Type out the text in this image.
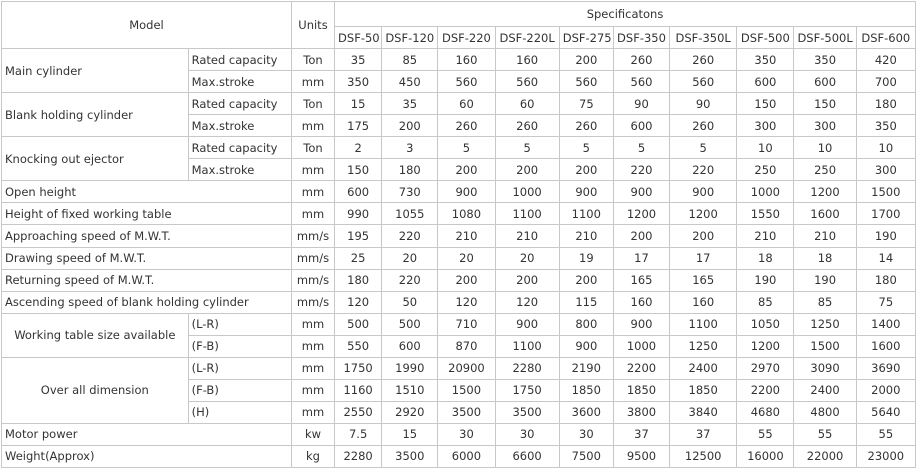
Model		Units	Specificatons									
			DSF-50	DSF-120	DSF-220	DSF-220L	DSF-275	DSF-350	DSF-350L	DSF-500	DSF-500L	DSF-600
Main cylinder	Rated capacity	Ton	35	85	160	160	200	260	260	350	350	420
	Max.stroke	mm	350	450	560	560	560	560	560	600	600	700
Blank holding cylinder	Rated capacity	Ton	15	35	60	60	75	90	90	150	150	180
	Max.stroke	mm	175	200	260	260	260	600	260	300	300	350
Knocking out ejector	Rated capacity	Ton	2	3	5	5	5	5	5	10	10	10
	Max.stroke	mm	150	180	200	200	200	220	220	250	250	300
Open height		mm	600	730	900	1000	900	900	900	1000	1200	1500
Height of fixed working table		mm	990	1055	1080	1100	1100	1200	1200	1550	1600	1700
Approaching speed of M.W.T.		mm/s	195	220	210	210	210	200	200	210	210	190
Drawing speed of M.W.T.		mm/s	25	20	20	20	19	17	17	18	18	14
Returning speed of M.W.T.		mm/s	180	220	200	200	200	165	165	190	190	180
Ascending speed of blank holding cylinder		mm/s	120	50	120	120	115	160	160	85	85	75
Working table size available	(L-R)	mm	500	500	710	900	800	900	1100	1050	1250	1400
	(F-B)	mm	550	600	870	1100	900	1000	1250	1200	1500	1600
Over all dimension	(L-R)	mm	1750	1990	20900	2280	2190	2200	2400	2970	3090	3690
	(F-B)	mm	1160	1510	1500	1750	1850	1850	1850	2200	2400	2000
	(H)	mm	2550	2920	3500	3500	3600	3800	3840	4680	4800	5640
Motor power		kw	7.5	15	30	30	30	37	37	55	55	55
Weight(Approx)		kg	2280	3500	6000	6600	7500	9500	12500	16000	22000	23000
